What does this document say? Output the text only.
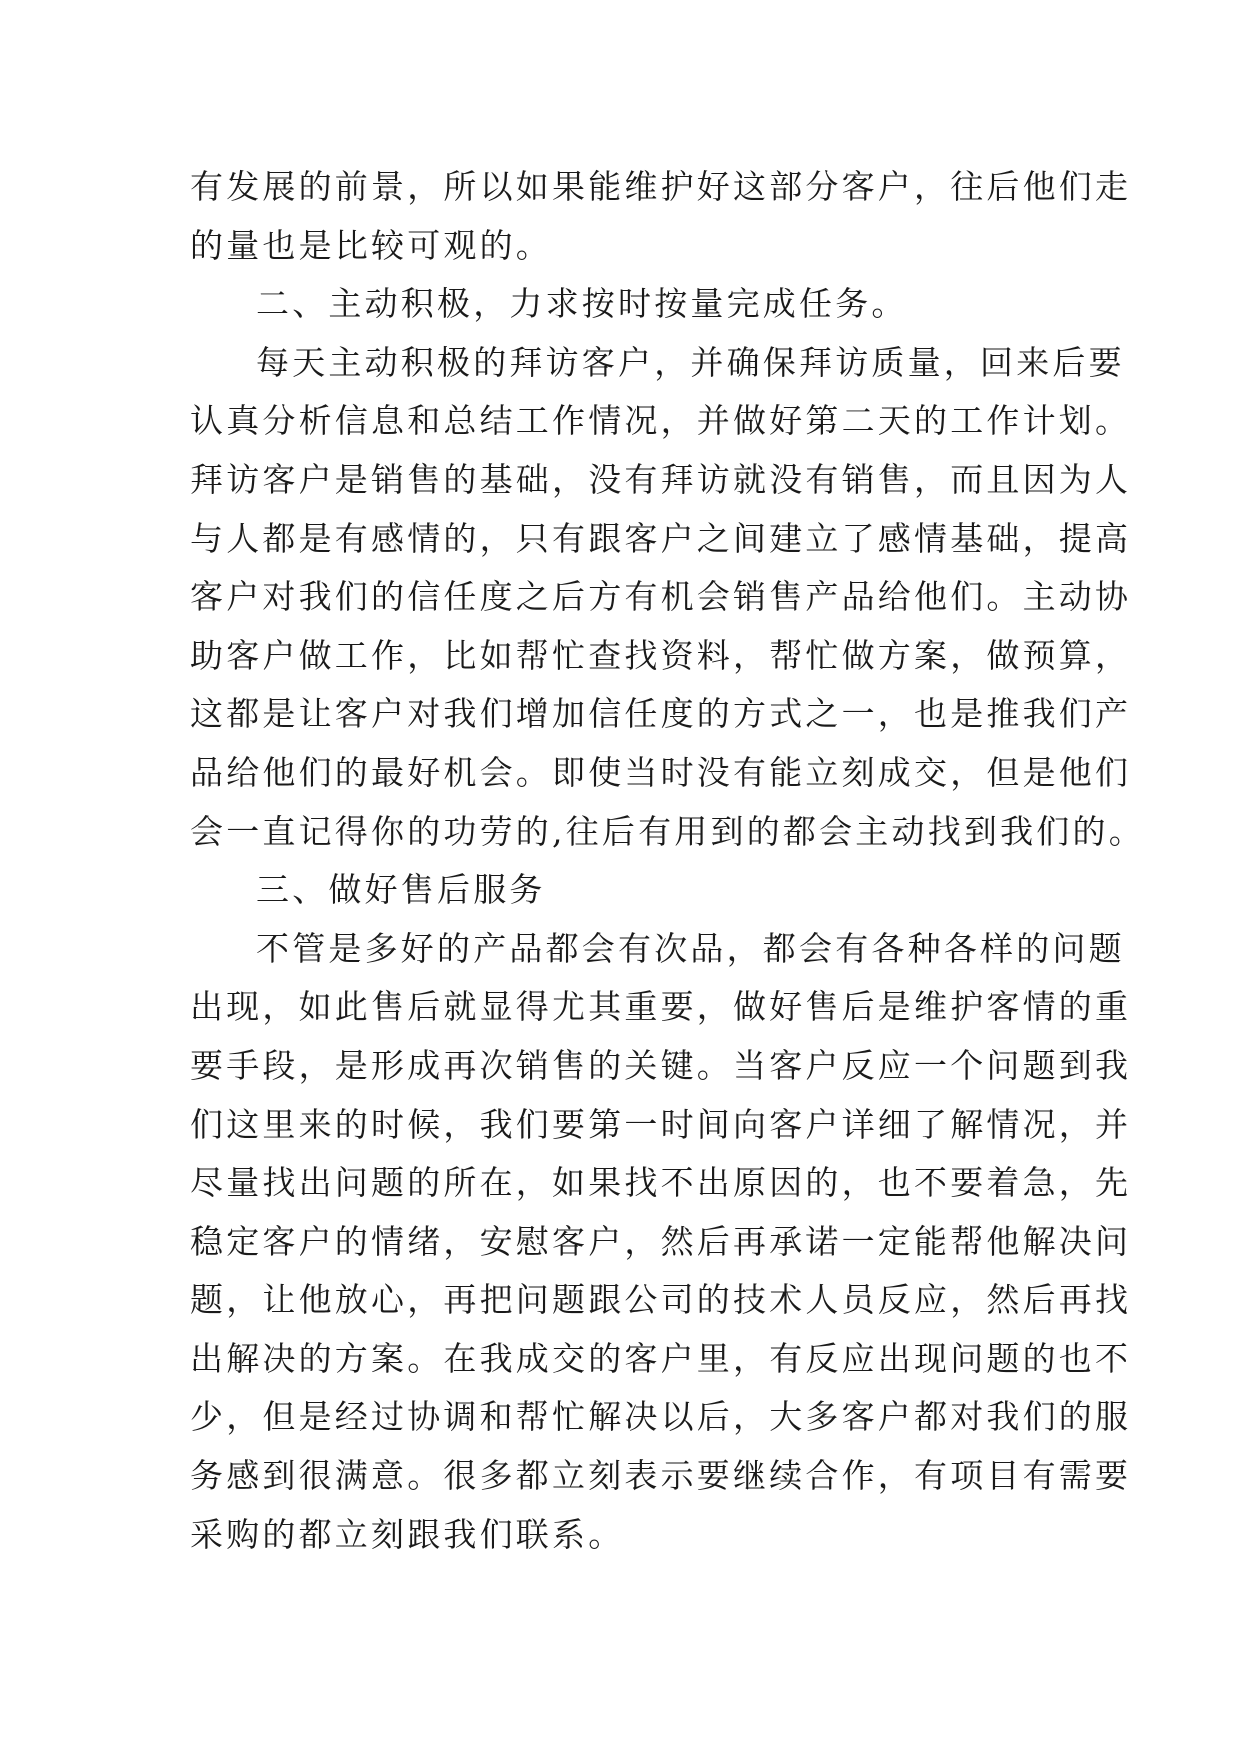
有发展的前景，所以如果能维护好这部分客户，往后他们走
的量也是比较可观的。
二、主动积极，力求按时按量完成任务。
每天主动积极的拜访客户，并确保拜访质量，回来后要
认真分析信息和总结工作情况，并做好第二天的工作计划。
拜访客户是销售的基础，没有拜访就没有销售，而且因为人
与人都是有感情的，只有跟客户之间建立了感情基础，提高
客户对我们的信任度之后方有机会销售产品给他们。主动协
助客户做工作，比如帮忙查找资料，帮忙做方案，做预算，
这都是让客户对我们增加信任度的方式之一，也是推我们产
品给他们的最好机会。即使当时没有能立刻成交，但是他们
会一直记得你的功劳的,往后有用到的都会主动找到我们的。
三、做好售后服务
不管是多好的产品都会有次品，都会有各种各样的问题
出现，如此售后就显得尤其重要，做好售后是维护客情的重
要手段，是形成再次销售的关键。当客户反应一个问题到我
们这里来的时候，我们要第一时间向客户详细了解情况，并
尽量找出问题的所在，如果找不出原因的，也不要着急，先
稳定客户的情绪，安慰客户，然后再承诺一定能帮他解决问
题，让他放心，再把问题跟公司的技术人员反应，然后再找
出解决的方案。在我成交的客户里，有反应出现问题的也不
少，但是经过协调和帮忙解决以后，大多客户都对我们的服
务感到很满意。很多都立刻表示要继续合作，有项目有需要
采购的都立刻跟我们联系。
